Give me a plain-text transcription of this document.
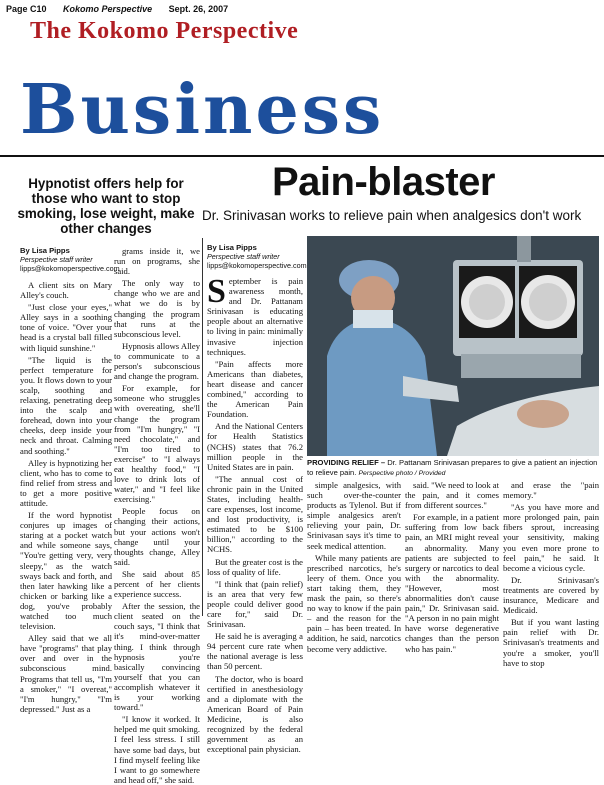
Page C10 Kokomo Perspective Sept. 26, 2007
The Kokomo Perspective
Business
Hypnotist offers help for those who want to stop smoking, lose weight, make other changes
By Lisa Pipps
Perspective staff writer
lipps@kokomoperspective.com

A client sits on Mary Alley's couch.

"Just close your eyes," Alley says in a soothing tone of voice. "Over your head is a crystal ball filled with liquid sunshine."

"The liquid is the perfect temperature for you. It flows down to your scalp, soothing and relaxing, penetrating deep into the scalp and forehead, down into your cheeks, deep inside your neck and throat. Calming and soothing."

Alley is hypnotizing her client, who has to come to find relief from stress and to get a more positive attitude.

If the word hypnotist conjures up images of staring at a pocket watch and while someone says, "You're getting very, very sleepy," as the watch sways back and forth, and then later hawking like a chicken or barking like a dog, you've probably watched too much television.

Alley said that we all have "programs" that play over and over in the subconscious mind. Programs that tell us, "I'm a smoker," "I overeat," "I'm hungry," "I'm depressed." Just as a

grams inside it, we run on programs, she said.

The only way to change who we are and what we do is by changing the program that runs at the subconscious level.

Hypnosis allows Alley to communicate to a person's subconscious and change the program.

For example, for someone who struggles with overeating, she'll change the program from "I'm hungry," "I need chocolate," and "I'm too tired to exercise" to "I always eat healthy food," "I love to drink lots of water," and "I feel like exercising."

People focus on changing their actions, but your actions won't change until your thoughts change, Alley said.

She said about 85 percent of her clients experience success.

After the session, the client seated on the couch says, "I think that it's mind-over-matter thing. I think through hypnosis you're basically convincing yourself that you can accomplish whatever it is your working toward."

"I know it worked. It helped me quit smoking. I feel less stress. I still have some bad days, but I find myself feeling like I want to go somewhere and head off," she said.

Pain-blaster
Dr. Srinivasan works to relieve pain when analgesics don't work
By Lisa Pipps
Perspective staff writer
lipps@kokomoperspective.com

September is pain awareness month, and Dr. Pattanam Srinivasan is educating people about an alternative to living in pain: minimally invasive injection techniques.

"Pain affects more Americans than diabetes, heart disease and cancer combined," according to the American Pain Foundation.

And the National Centers for Health Statistics (NCHS) states that 76.2 million people in the United States are in pain.

"The annual cost of chronic pain in the United States, including health-care expenses, lost income, and lost productivity, is estimated to be $100 billion," according to the NCHS.

But the greater cost is the loss of quality of life.

"I think that (pain relief) is an area that very few people could deliver good care for," said Dr. Srinivasan.

He said he is averaging a 94 percent cure rate when the national average is less than 50 percent.

The doctor, who is board certified in anesthesiology and a diplomate with the American Board of Pain Medicine, is also recognized by the federal government as an exceptional pain physician.

PROVIDING RELIEF – Dr. Pattanam Srinivasan prepares to give a patient an injection to relieve pain. Perspective photo / Provided

simple analgesics, with such over-the-counter products as Tylenol. But if simple analgesics aren't relieving your pain, Dr. Srinivasan says it's time to seek medical attention.

While many patients are prescribed narcotics, he's leery of them. Once you start taking them, they mask the pain, so there's no way to know if the pain – and the reason for the pain – has been treated. In addition, he said, narcotics become very addictive.

said. "We need to look at the pain, and it comes from different sources."

For example, in a patient suffering from low back pain, an MRI might reveal an abnormality. Many patients are subjected to surgery or narcotics to deal with the abnormality. "However, most abnormalities don't cause pain," Dr. Srinivasan said. "A person in no pain might have worse degenerative changes than the person who has pain."

and erase the "pain memory."

"As you have more and more prolonged pain, pain fibers sprout, increasing your sensitivity, making you even more prone to feel pain," he said. It become a vicious cycle.

Dr. Srinivasan's treatments are covered by insurance, Medicare and Medicaid.

But if you want lasting pain relief with Dr. Srinivasan's treatments and you're a smoker, you'll have to stop
